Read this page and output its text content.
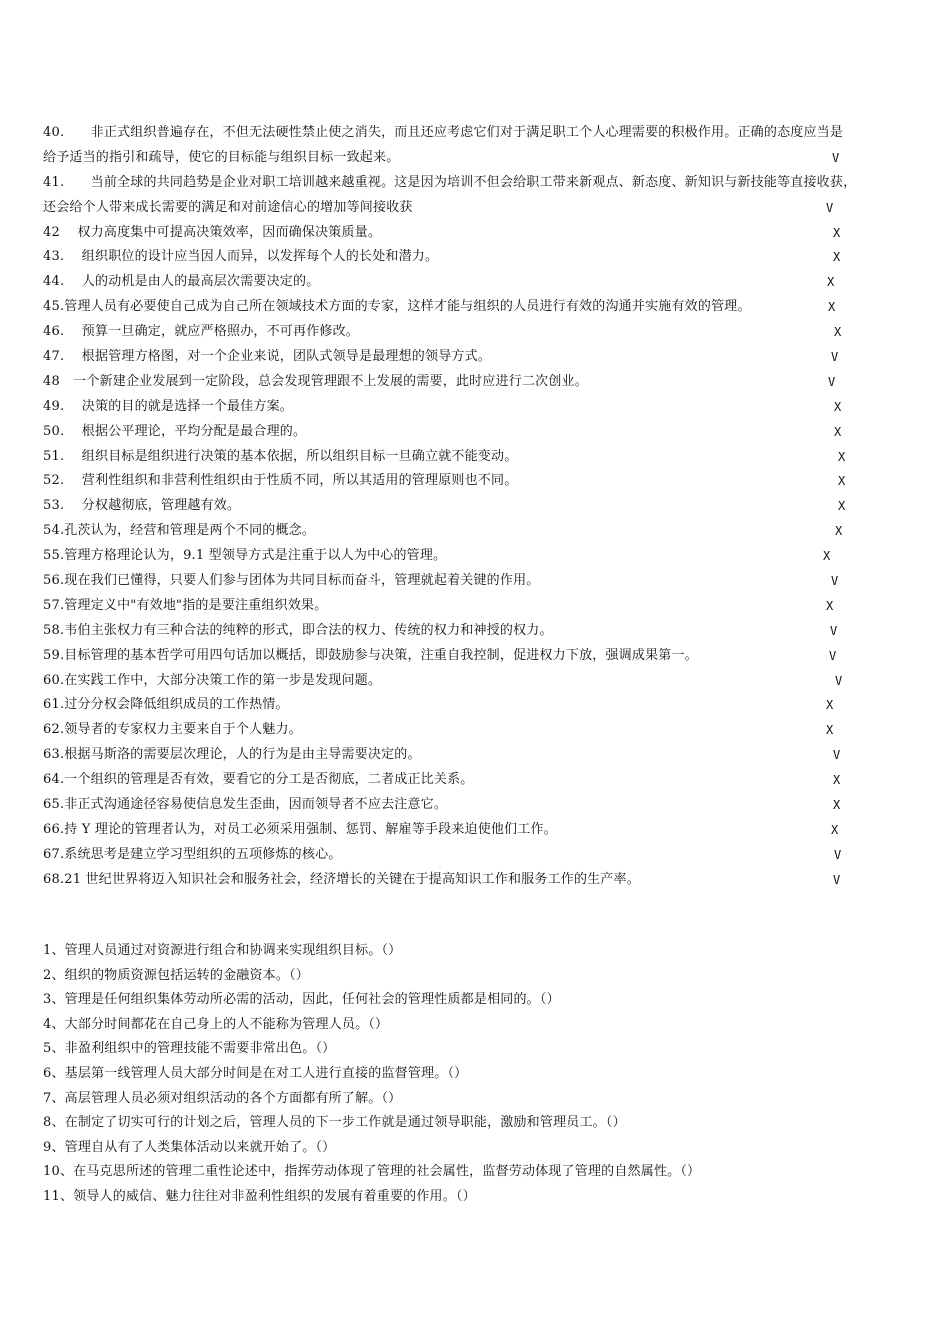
40.　　非正式组织普遍存在，不但无法硬性禁止使之消失，而且还应考虑它们对于满足职工个人心理需要的积极作用。正确的态度应当是
给予适当的指引和疏导，使它的目标能与组织目标一致起来。	V
41.　　当前全球的共同趋势是企业对职工培训越来越重视。这是因为培训不但会给职工带来新观点、新态度、新知识与新技能等直接收获，
还会给个人带来成长需要的满足和对前途信心的增加等间接收获	V
42　 权力高度集中可提高决策效率，因而确保决策质量。	X
43.　 组织职位的设计应当因人而异，以发挥每个人的长处和潜力。	X
44.　 人的动机是由人的最高层次需要决定的。	X
45.管理人员有必要使自己成为自己所在领域技术方面的专家，这样才能与组织的人员进行有效的沟通并实施有效的管理。	X
46.　 预算一旦确定，就应严格照办，不可再作修改。	X
47.　 根据管理方格图，对一个企业来说，团队式领导是最理想的领导方式。	V
48　一个新建企业发展到一定阶段，总会发现管理跟不上发展的需要，此时应进行二次创业。	V
49.　 决策的目的就是选择一个最佳方案。	X
50.　 根据公平理论，平均分配是最合理的。	X
51.　 组织目标是组织进行决策的基本依据，所以组织目标一旦确立就不能变动。	X
52.　 营利性组织和非营利性组织由于性质不同，所以其适用的管理原则也不同。	X
53.　 分权越彻底，管理越有效。	X
54.孔茨认为，经营和管理是两个不同的概念。	X
55.管理方格理论认为，9.1 型领导方式是注重于以人为中心的管理。	X
56.现在我们已懂得，只要人们参与团体为共同目标而奋斗，管理就起着关键的作用。	V
57.管理定义中"有效地"指的是要注重组织效果。	X
58.韦伯主张权力有三种合法的纯粹的形式，即合法的权力、传统的权力和神授的权力。	V
59.目标管理的基本哲学可用四句话加以概括，即鼓励参与决策，注重自我控制，促进权力下放，强调成果第一。	V
60.在实践工作中，大部分决策工作的第一步是发现问题。	V
61.过分分权会降低组织成员的工作热情。	X
62.领导者的专家权力主要来自于个人魅力。	X
63.根据马斯洛的需要层次理论，人的行为是由主导需要决定的。	V
64.一个组织的管理是否有效，要看它的分工是否彻底，二者成正比关系。	X
65.非正式沟通途径容易使信息发生歪曲，因而领导者不应去注意它。	X
66.持 Y 理论的管理者认为，对员工必须采用强制、惩罚、解雇等手段来迫使他们工作。	X
67.系统思考是建立学习型组织的五项修炼的核心。	V
68.21 世纪世界将迈入知识社会和服务社会，经济增长的关键在于提高知识工作和服务工作的生产率。	V
1、管理人员通过对资源进行组合和协调来实现组织目标。（）
2、组织的物质资源包括运转的金融资本。（）
3、管理是任何组织集体劳动所必需的活动，因此，任何社会的管理性质都是相同的。（）
4、大部分时间都花在自己身上的人不能称为管理人员。（）
5、非盈利组织中的管理技能不需要非常出色。（）
6、基层第一线管理人员大部分时间是在对工人进行直接的监督管理。（）
7、高层管理人员必须对组织活动的各个方面都有所了解。（）
8、在制定了切实可行的计划之后，管理人员的下一步工作就是通过领导职能，激励和管理员工。（）
9、管理自从有了人类集体活动以来就开始了。（）
10、在马克思所述的管理二重性论述中，指挥劳动体现了管理的社会属性，监督劳动体现了管理的自然属性。（）
11、领导人的威信、魅力往往对非盈利性组织的发展有着重要的作用。（）
